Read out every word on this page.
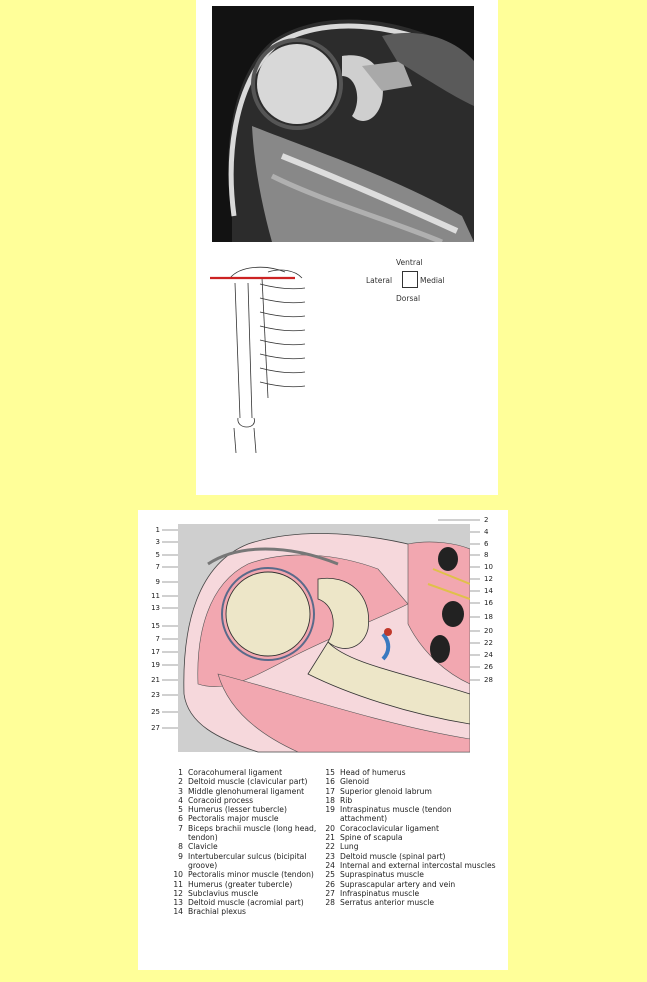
Ventral
Lateral	Medial
Dorsal
1 Coracohumeral ligament
2 Deltoid muscle (clavicular part)
3 Middle glenohumeral ligament
4 Coracoid process
5 Humerus (lesser tubercle)
6 Pectoralis major muscle
7 Biceps brachii muscle (long head, tendon)
8 Clavicle
9 Intertubercular sulcus (bicipital groove)
10 Pectoralis minor muscle (tendon)
11 Humerus (greater tubercle)
12 Subclavius muscle
13 Deltoid muscle (acromial part)
14 Brachial plexus
15 Head of humerus
16 Glenoid
17 Superior glenoid labrum
18 Rib
19 Intraspinatus muscle (tendon attachment)
20 Coracoclavicular ligament
21 Spine of scapula
22 Lung
23 Deltoid muscle (spinal part)
24 Internal and external intercostal muscles
25 Supraspinatus muscle
26 Suprascapular artery and vein
27 Infraspinatus muscle
28 Serratus anterior muscle
1
3
5
7
9
11
13
15
7
17
19
21
23
25
27
2
4
6
8
10
12
14
16
18
20
22
24
26
28
